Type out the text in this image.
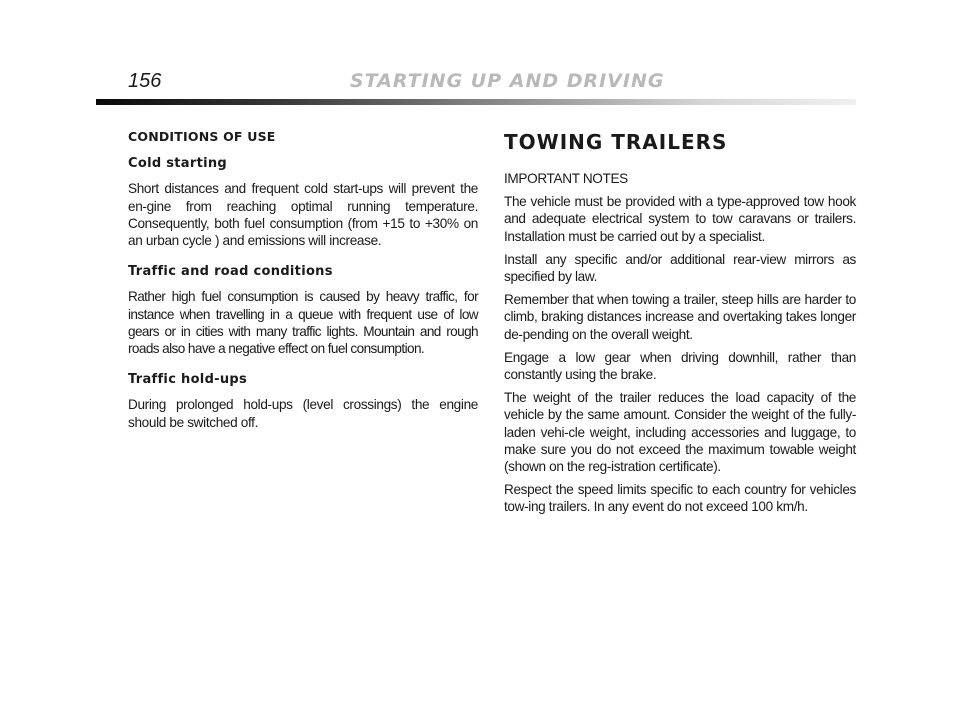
156	STARTING UP AND DRIVING
CONDITIONS OF USE
Cold starting

Short distances and frequent cold start-ups will prevent the en-gine from reaching optimal running temperature. Consequently, both fuel consumption (from +15 to +30% on an urban cycle ) and emissions will increase.

Traffic and road conditions

Rather high fuel consumption is caused by heavy traffic, for instance when travelling in a queue with frequent use of low gears or in cities with many traffic lights. Mountain and rough roads also have a negative effect on fuel consumption.

Traffic hold-ups

During prolonged hold-ups (level crossings) the engine should be switched off.

TOWING TRAILERS

IMPORTANT NOTES

The vehicle must be provided with a type-approved tow hook and adequate electrical system to tow caravans or trailers. Installation must be carried out by a specialist.

Install any specific and/or additional rear-view mirrors as specified by law.

Remember that when towing a trailer, steep hills are harder to climb, braking distances increase and overtaking takes longer de-pending on the overall weight.

Engage a low gear when driving downhill, rather than constantly using the brake.

The weight of the trailer reduces the load capacity of the vehicle by the same amount. Consider the weight of the fully-laden vehi-cle weight, including accessories and luggage, to make sure you do not exceed the maximum towable weight (shown on the reg-istration certificate).

Respect the speed limits specific to each country for vehicles tow-ing trailers. In any event do not exceed 100 km/h.
